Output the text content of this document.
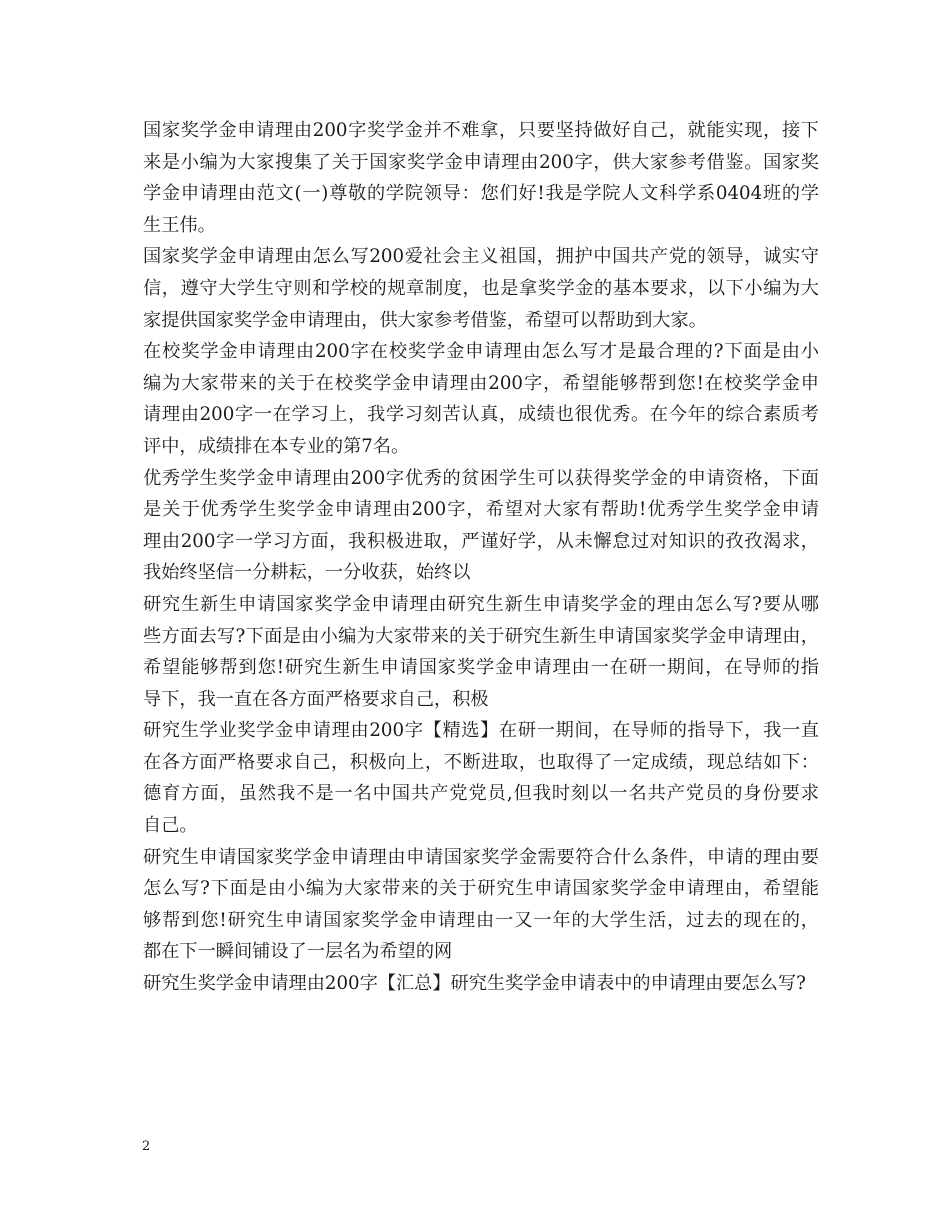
国家奖学金申请理由200字奖学金并不难拿，只要坚持做好自己，就能实现，接下
来是小编为大家搜集了关于国家奖学金申请理由200字，供大家参考借鉴。国家奖
学金申请理由范文(一)尊敬的学院领导：您们好!我是学院人文科学系0404班的学
生王伟。
国家奖学金申请理由怎么写200爱社会主义祖国，拥护中国共产党的领导，诚实守
信，遵守大学生守则和学校的规章制度，也是拿奖学金的基本要求，以下小编为大
家提供国家奖学金申请理由，供大家参考借鉴，希望可以帮助到大家。
在校奖学金申请理由200字在校奖学金申请理由怎么写才是最合理的?下面是由小
编为大家带来的关于在校奖学金申请理由200字，希望能够帮到您!在校奖学金申
请理由200字一在学习上，我学习刻苦认真，成绩也很优秀。在今年的综合素质考
评中，成绩排在本专业的第7名。
优秀学生奖学金申请理由200字优秀的贫困学生可以获得奖学金的申请资格，下面
是关于优秀学生奖学金申请理由200字，希望对大家有帮助!优秀学生奖学金申请
理由200字一学习方面，我积极进取，严谨好学，从未懈怠过对知识的孜孜渴求，
我始终坚信一分耕耘，一分收获，始终以
研究生新生申请国家奖学金申请理由研究生新生申请奖学金的理由怎么写?要从哪
些方面去写?下面是由小编为大家带来的关于研究生新生申请国家奖学金申请理由，
希望能够帮到您!研究生新生申请国家奖学金申请理由一在研一期间，在导师的指
导下，我一直在各方面严格要求自己，积极
研究生学业奖学金申请理由200字【精选】在研一期间，在导师的指导下，我一直
在各方面严格要求自己，积极向上，不断进取，也取得了一定成绩，现总结如下：
德育方面，虽然我不是一名中国共产党党员,但我时刻以一名共产党员的身份要求
自己。
研究生申请国家奖学金申请理由申请国家奖学金需要符合什么条件，申请的理由要
怎么写?下面是由小编为大家带来的关于研究生申请国家奖学金申请理由，希望能
够帮到您!研究生申请国家奖学金申请理由一又一年的大学生活，过去的现在的，
都在下一瞬间铺设了一层名为希望的网
研究生奖学金申请理由200字【汇总】研究生奖学金申请表中的申请理由要怎么写?
2
